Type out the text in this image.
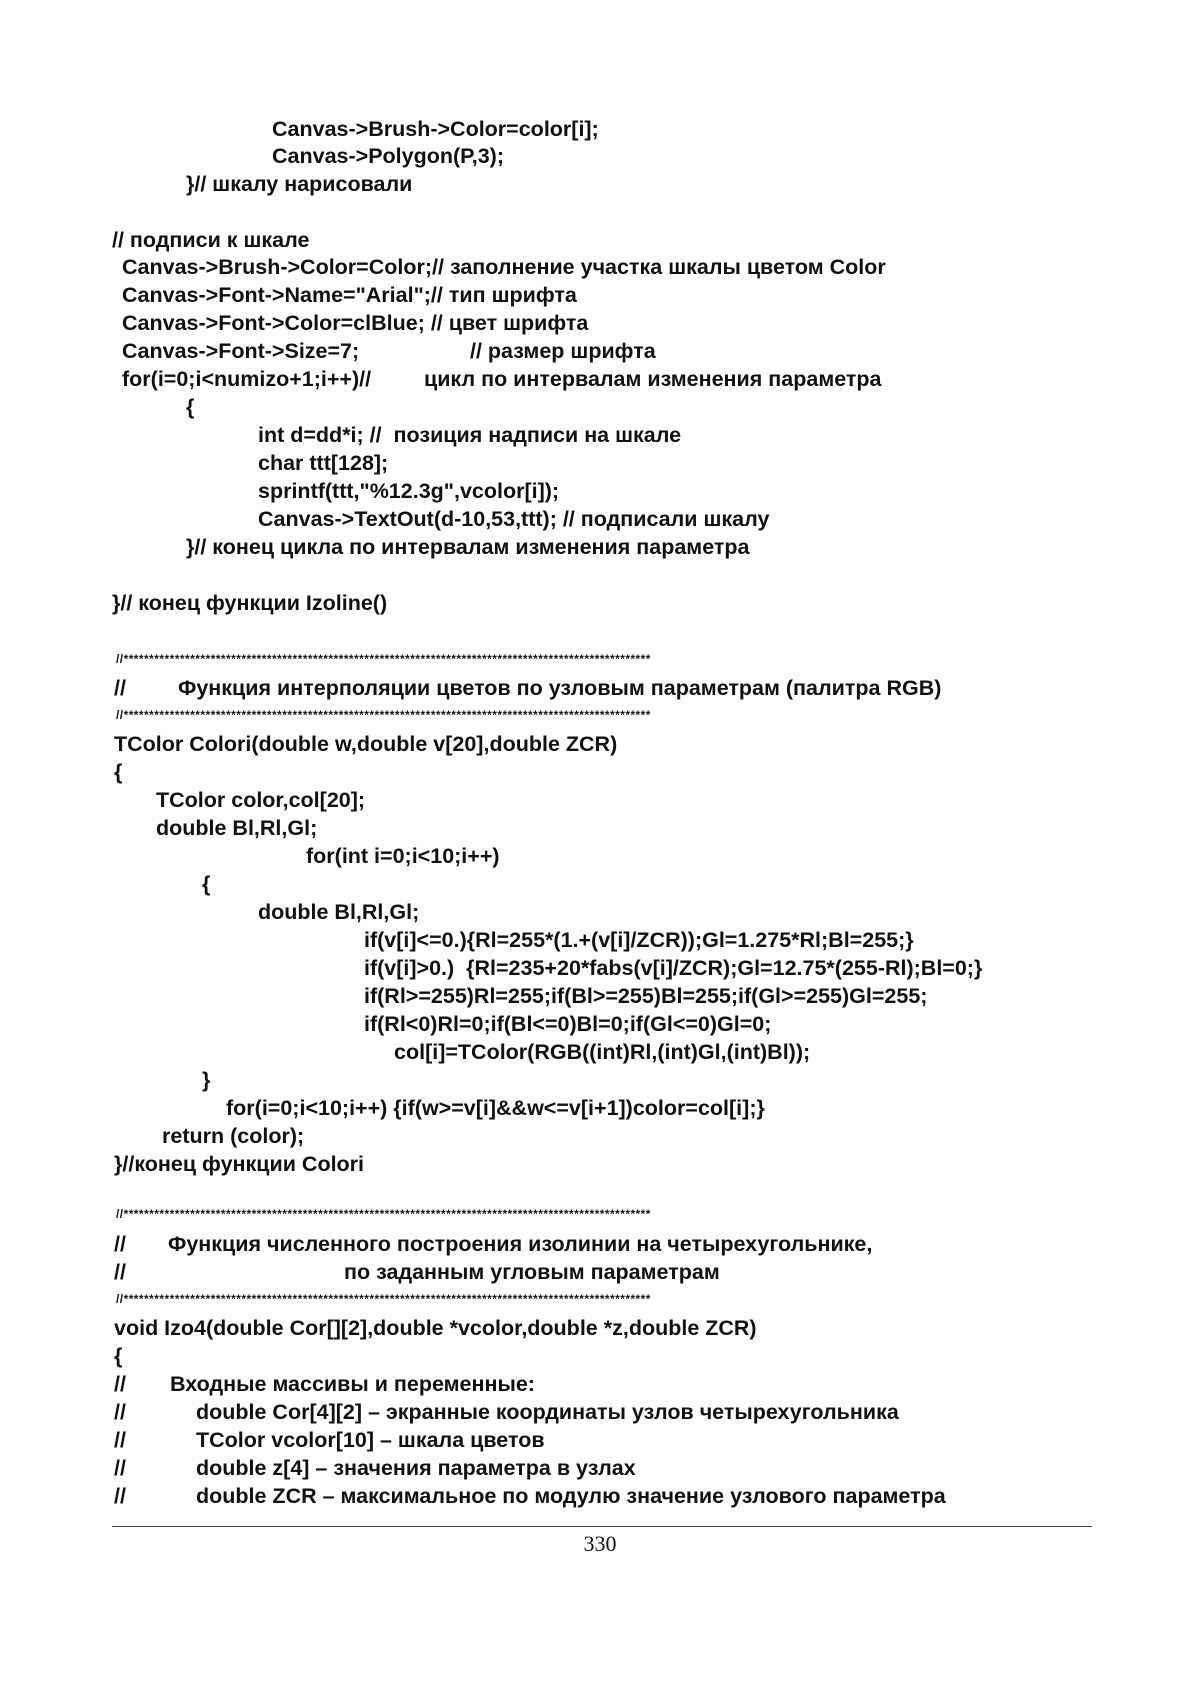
Canvas->Brush->Color=color[i];
Canvas->Polygon(P,3);
}// шкалу нарисовали
// подписи к шкале
Canvas->Brush->Color=Color;// заполнение участка шкалы цветом Color
Canvas->Font->Name="Arial";// тип шрифта
Canvas->Font->Color=clBlue; // цвет шрифта
Canvas->Font->Size=7;	// размер шрифта
for(i=0;i<numizo+1;i++)// цикл по интервалам изменения параметра
{
int d=dd*i; //  позиция надписи на шкале
char ttt[128];
sprintf(ttt,"%12.3g",vcolor[i]);
Canvas->TextOut(d-10,53,ttt); // подписали шкалу
}// конец цикла по интервалам изменения параметра
}// конец функции Izoline()
//*******************************************************************************************************
// Функция интерполяции цветов по узловым параметрам (палитра RGB)
//*******************************************************************************************************
TColor Colori(double w,double v[20],double ZCR)
{
TColor color,col[20];
double Bl,Rl,Gl;
for(int i=0;i<10;i++)
{
double Bl,Rl,Gl;
if(v[i]<=0.){Rl=255*(1.+(v[i]/ZCR));Gl=1.275*Rl;Bl=255;}
if(v[i]>0.)  {Rl=235+20*fabs(v[i]/ZCR);Gl=12.75*(255-Rl);Bl=0;}
if(Rl>=255)Rl=255;if(Bl>=255)Bl=255;if(Gl>=255)Gl=255;
if(Rl<0)Rl=0;if(Bl<=0)Bl=0;if(Gl<=0)Gl=0;
col[i]=TColor(RGB((int)Rl,(int)Gl,(int)Bl));
}
for(i=0;i<10;i++) {if(w>=v[i]&&w<=v[i+1])color=col[i];}
return (color);
}//конец функции Colori
//*******************************************************************************************************
// Функция численного построения изолинии на четырехугольнике,
//	по заданным угловым параметрам
//*******************************************************************************************************
void Izo4(double Cor[][2],double *vcolor,double *z,double ZCR)
{
// Входные массивы и переменные:
//	double Cor[4][2] – экранные координаты узлов четырехугольника
//	TColor vcolor[10] – шкала цветов
//	double z[4] – значения параметра в узлах
//	double ZCR – максимальное по модулю значение узлового параметра
330
